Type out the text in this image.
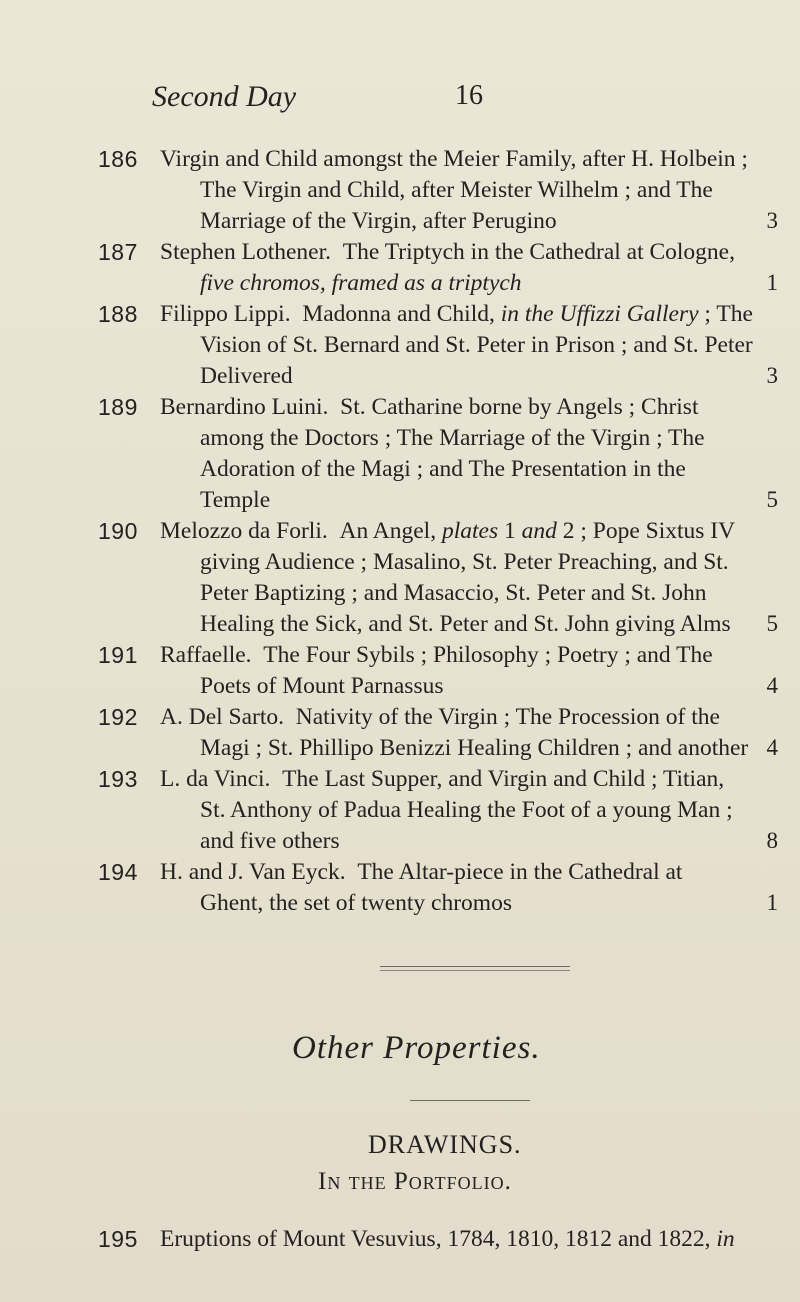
Second Day	16
186 Virgin and Child amongst the Meier Family, after H. Holbein ;
The Virgin and Child, after Meister Wilhelm ; and The
Marriage of the Virgin, after Perugino	3
187 Stephen Lothener.  The Triptych in the Cathedral at Cologne,
five chromos, framed as a triptych	1
188 Filippo Lippi.  Madonna and Child, in the Uffizzi Gallery ; The
Vision of St. Bernard and St. Peter in Prison ; and St. Peter
Delivered	3
189 Bernardino Luini.  St. Catharine borne by Angels ; Christ
among the Doctors ; The Marriage of the Virgin ; The
Adoration of the Magi ; and The Presentation in the
Temple	5
190 Melozzo da Forli.  An Angel, plates 1 and 2 ; Pope Sixtus IV
giving Audience ; Masalino, St. Peter Preaching, and St.
Peter Baptizing ; and Masaccio, St. Peter and St. John
Healing the Sick, and St. Peter and St. John giving Alms	5
191 Raffaelle.  The Four Sybils ; Philosophy ; Poetry ; and The
Poets of Mount Parnassus	4
192 A. Del Sarto.  Nativity of the Virgin ; The Procession of the
Magi ; St. Phillipo Benizzi Healing Children ; and another 4
193 L. da Vinci.  The Last Supper, and Virgin and Child ; Titian,
St. Anthony of Padua Healing the Foot of a young Man ;
and five others	8
194 H. and J. Van Eyck.  The Altar-piece in the Cathedral at
Ghent, the set of twenty chromos	1
Other Properties.
DRAWINGS.
In the Portfolio.
195 Eruptions of Mount Vesuvius, 1784, 1810, 1812 and 1822, in
